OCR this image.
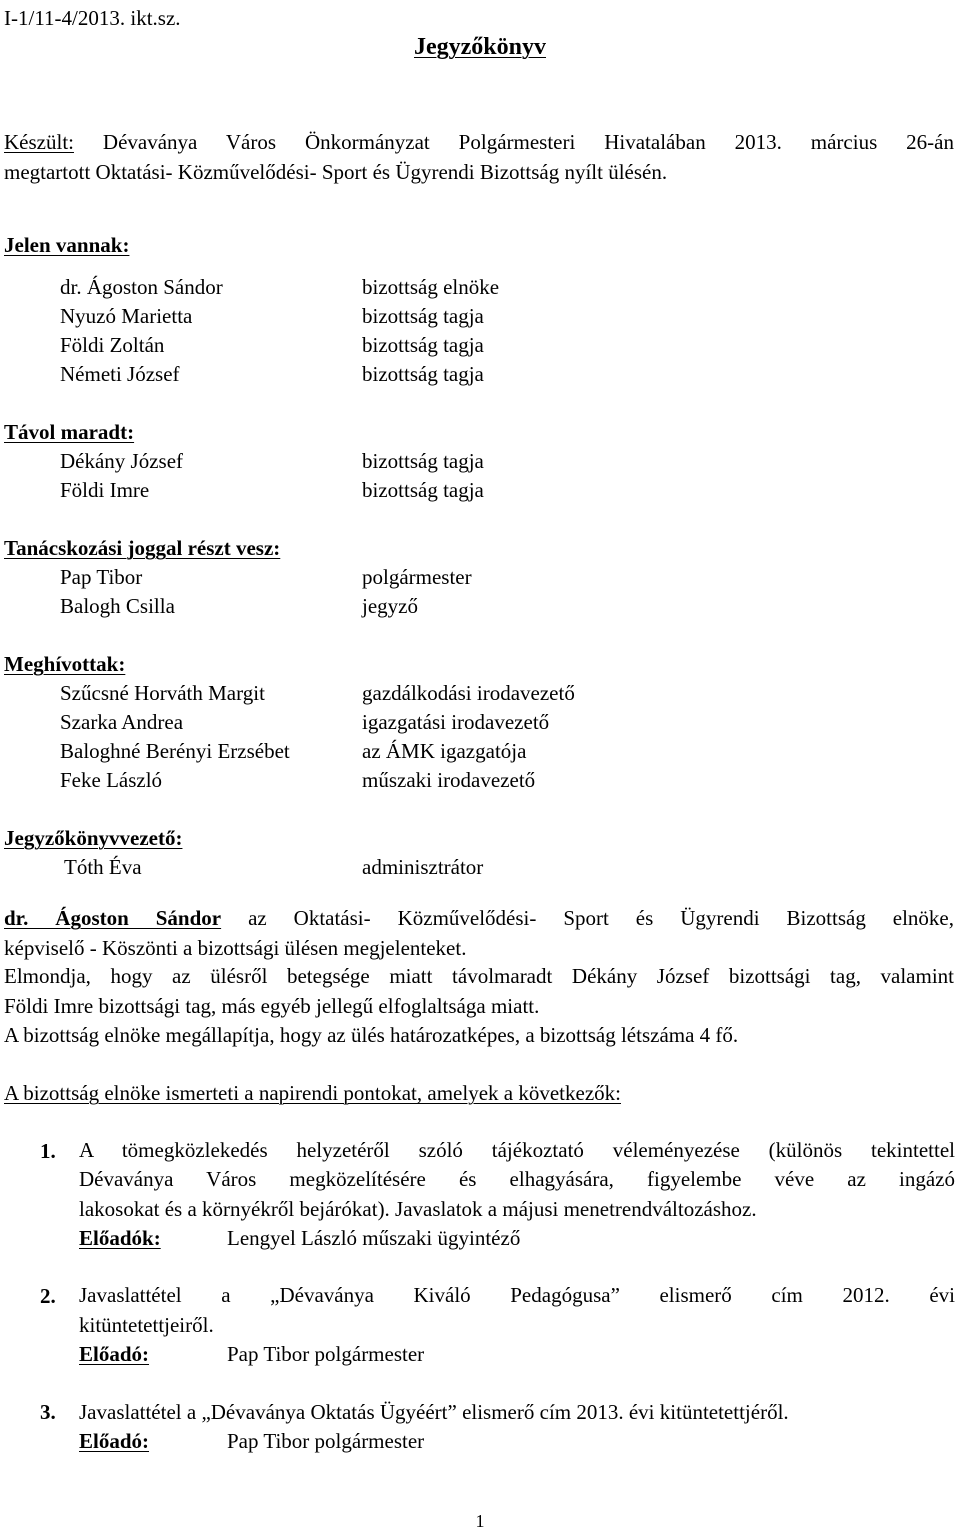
I-1/11-4/2013. ikt.sz.
Jegyzőkönyv
Készült: Dévaványa Város Önkormányzat Polgármesteri Hivatalában 2013. március 26-án
megtartott Oktatási- Közművelődési- Sport és Ügyrendi Bizottság nyílt ülésén.
Jelen vannak:
dr. Ágoston Sándor	bizottság elnöke
Nyuzó Marietta	bizottság tagja
Földi Zoltán	bizottság tagja
Németi József	bizottság tagja
Távol maradt:
Dékány József	bizottság tagja
Földi Imre	bizottság tagja
Tanácskozási joggal részt vesz:
Pap Tibor	polgármester
Balogh Csilla	jegyző
Meghívottak:
Szűcsné Horváth Margit	gazdálkodási irodavezető
Szarka Andrea	igazgatási irodavezető
Baloghné Berényi Erzsébet	az ÁMK igazgatója
Feke László	műszaki irodavezető
Jegyzőkönyvvezető:
Tóth Éva	adminisztrátor
dr. Ágoston Sándor az Oktatási- Közművelődési- Sport és Ügyrendi Bizottság elnöke,
képviselő - Köszönti a bizottsági ülésen megjelenteket.
Elmondja, hogy az ülésről betegsége miatt távolmaradt Dékány József bizottsági tag, valamint
Földi Imre bizottsági tag, más egyéb jellegű elfoglaltsága miatt.
A bizottság elnöke megállapítja, hogy az ülés határozatképes, a bizottság létszáma 4 fő.
A bizottság elnöke ismerteti a napirendi pontokat, amelyek a következők:
1. A tömegközlekedés helyzetéről szóló tájékoztató véleményezése (különös tekintettel
Dévaványa Város megközelítésére és elhagyására, figyelembe véve az ingázó
lakosokat és a környékről bejárókat). Javaslatok a májusi menetrendváltozáshoz.
Előadók:	Lengyel László műszaki ügyintéző
2. Javaslattétel a „Dévaványa Kiváló Pedagógusa” elismerő cím 2012. évi
kitüntetettjeiről.
Előadó:	Pap Tibor polgármester
3. Javaslattétel a „Dévaványa Oktatás Ügyéért” elismerő cím 2013. évi kitüntetettjéről.
Előadó:	Pap Tibor polgármester
1
